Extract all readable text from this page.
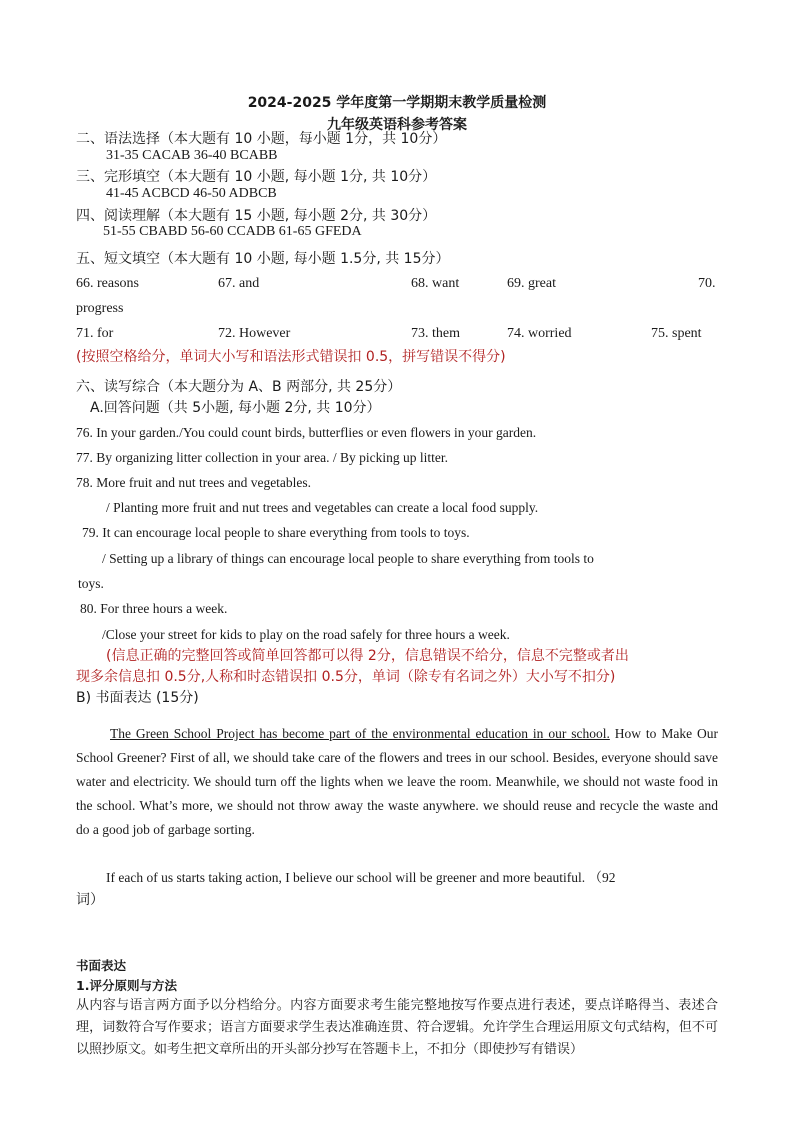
2024-2025 学年度第一学期期末教学质量检测
九年级英语科参考答案
二、语法选择（本大题有 10 小题，每小题 1分，共 10分）
31-35 CACAB 36-40 BCABB
三、完形填空（本大题有 10 小题, 每小题 1分, 共 10分）
41-45 ACBCD 46-50 ADBCB
四、阅读理解（本大题有 15 小题, 每小题 2分, 共 30分）
51-55 CBABD 56-60 CCADB 61-65 GFEDA
五、短文填空（本大题有 10 小题, 每小题 1.5分, 共 15分）
66. reasons	67. and	68. want	69. great	70.
progress
71. for	72. However	73. them	74. worried	75. spent
(按照空格给分，单词大小写和语法形式错误扣 0.5，拼写错误不得分)
六、读写综合（本大题分为 A、B 两部分, 共 25分）
A.回答问题（共 5小题, 每小题 2分, 共 10分）
76. In your garden./You could count birds, butterflies or even flowers in your garden.
77. By organizing litter collection in your area. / By picking up litter.
78. More fruit and nut trees and vegetables.
/ Planting more fruit and nut trees and vegetables can create a local food supply.
79. It can encourage local people to share everything from tools to toys.
/ Setting up a library of things can encourage local people to share everything from tools to
toys.
80. For three hours a week.
/Close your street for kids to play on the road safely for three hours a week.
(信息正确的完整回答或简单回答都可以得 2分，信息错误不给分，信息不完整或者出
现多余信息扣 0.5分,人称和时态错误扣 0.5分，单词（除专有名词之外）大小写不扣分)
B) 书面表达 (15分)
The Green School Project has become part of the environmental education in our school. How to Make Our School Greener? First of all, we should take care of the flowers and trees in our school. Besides, everyone should save water and electricity. We should turn off the lights when we leave the room. Meanwhile, we should not waste food in the school. What’s more, we should not throw away the waste anywhere. we should reuse and recycle the waste and do a good job of garbage sorting.
If each of us starts taking action, I believe our school will be greener and more beautiful. （92
词）
书面表达
1.评分原则与方法
从内容与语言两方面予以分档给分。内容方面要求考生能完整地按写作要点进行表述，要点详略得当、表述合理，词数符合写作要求；语言方面要求学生表达准确连贯、符合逻辑。允许学生合理运用原文句式结构，但不可以照抄原文。如考生把文章所出的开头部分抄写在答题卡上，不扣分（即使抄写有错误）
